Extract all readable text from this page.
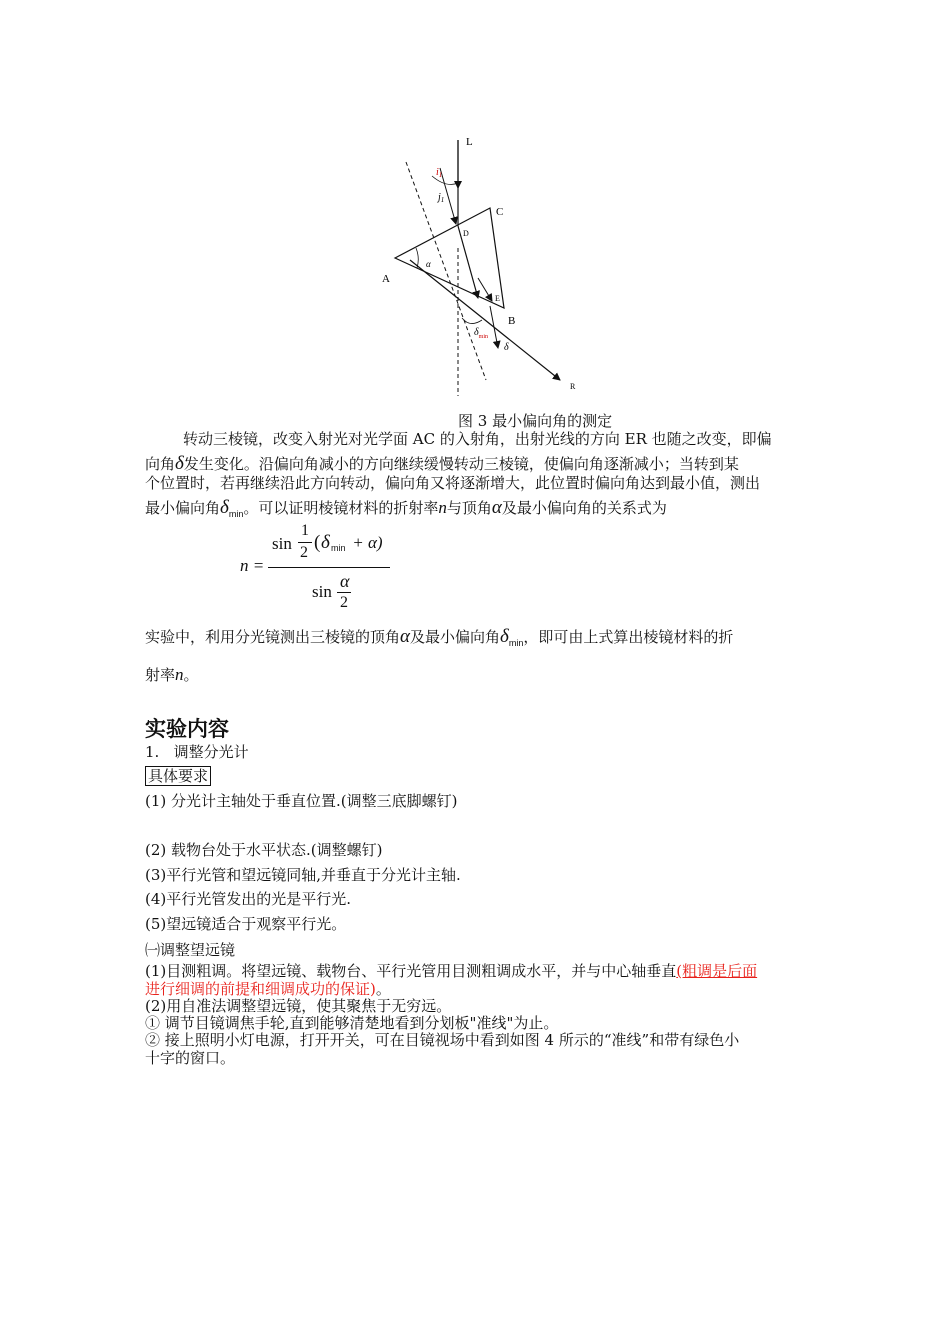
L
C
D
A
α
E
B
R
$i_1$
$j_1$
$\delta_{min}$
δ
图 3 最小偏向角的测定
转动三棱镜，改变入射光对光学面 AC 的入射角，出射光线的方向 ER 也随之改变，即偏
向角δ发生变化。沿偏向角减小的方向继续缓慢转动三棱镜，使偏向角逐渐减小；当转到某
个位置时，若再继续沿此方向转动，偏向角又将逐渐增大，此位置时偏向角达到最小值，测出
最小偏向角$\delta_{min}$。可以证明棱镜材料的折射率n与顶角α及最小偏向角的关系式为
n =
sin
1
2 ( δ min + α)
sin
α
2
实验中，利用分光镜测出三棱镜的顶角α及最小偏向角$\delta_{min}$，即可由上式算出棱镜材料的折
射率n。
实验内容
1.   调整分光计
具体要求
(1) 分光计主轴处于垂直位置.(调整三底脚螺钉)
(2) 载物台处于水平状态.(调整螺钉)
(3)平行光管和望远镜同轴,并垂直于分光计主轴.
(4)平行光管发出的光是平行光.
(5)望远镜适合于观察平行光。
㈠调整望远镜
(1)目测粗调。将望远镜、载物台、平行光管用目测粗调成水平，并与中心轴垂直(粗调是后面
进行细调的前提和细调成功的保证)。
(2)用自准法调整望远镜，使其聚焦于无穷远。
① 调节目镜调焦手轮,直到能够清楚地看到分划板"准线"为止。
② 接上照明小灯电源，打开开关，可在目镜视场中看到如图 4 所示的“准线”和带有绿色小
十字的窗口。
